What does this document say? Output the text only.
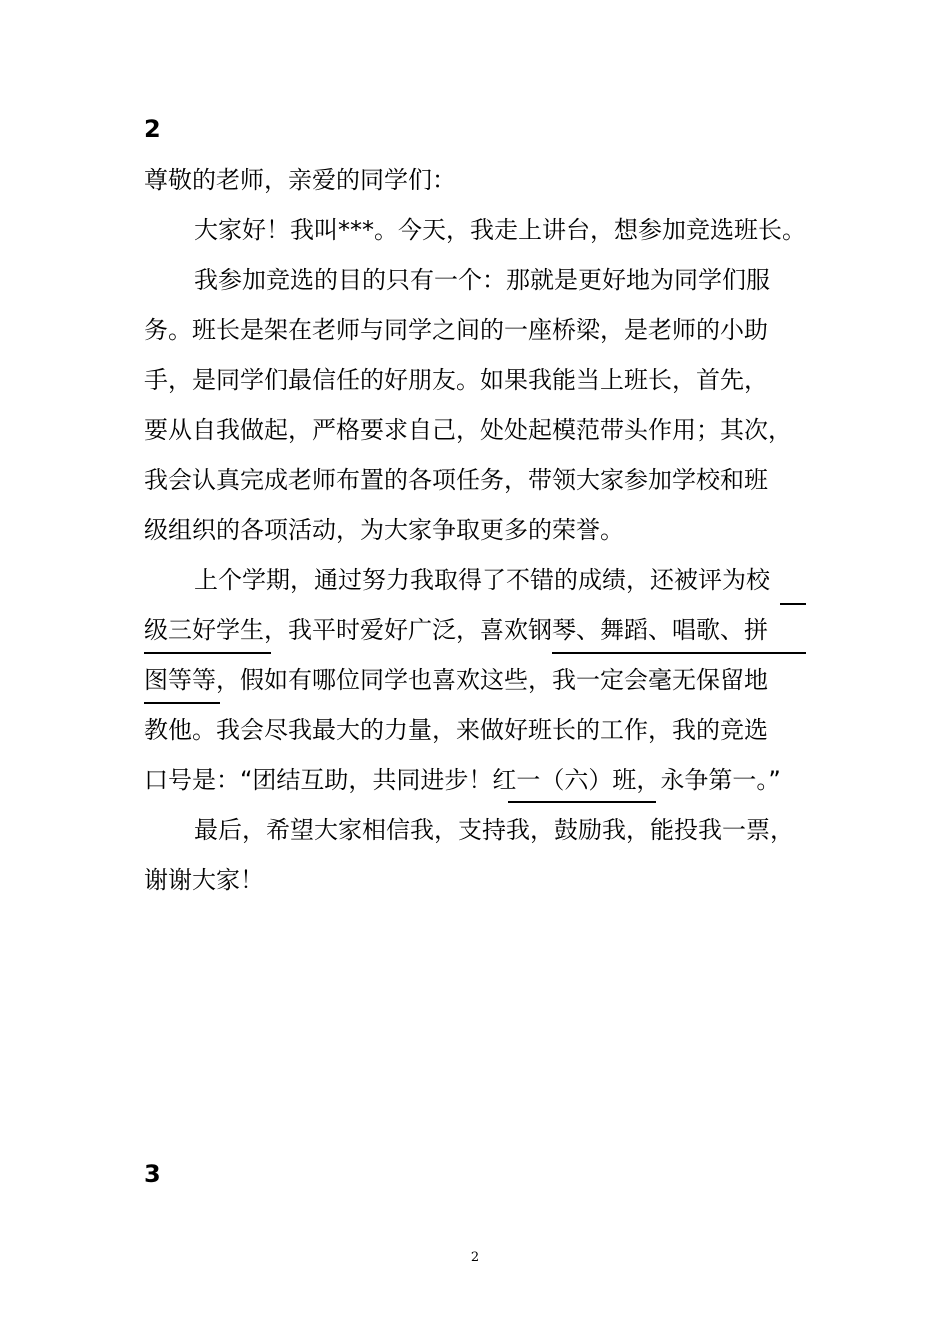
2

尊敬的老师，亲爱的同学们：

大家好！我叫***。今天，我走上讲台，想参加竞选班长。

我参加竞选的目的只有一个：那就是更好地为同学们服

务。班长是架在老师与同学之间的一座桥梁，是老师的小助

手，是同学们最信任的好朋友。如果我能当上班长，首先，

要从自我做起，严格要求自己，处处起模范带头作用；其次，

我会认真完成老师布置的各项任务，带领大家参加学校和班

级组织的各项活动，为大家争取更多的荣誉。

上个学期，通过努力我取得了不错的成绩，还被评为校

级三好学生，我平时爱好广泛，喜欢钢琴、舞蹈、唱歌、拼

图等等，假如有哪位同学也喜欢这些，我一定会毫无保留地

教他。我会尽我最大的力量，来做好班长的工作，我的竞选

口号是：“团结互助，共同进步！红一（六）班，永争第一。”

最后，希望大家相信我，支持我，鼓励我，能投我一票，

谢谢大家！

3
2
